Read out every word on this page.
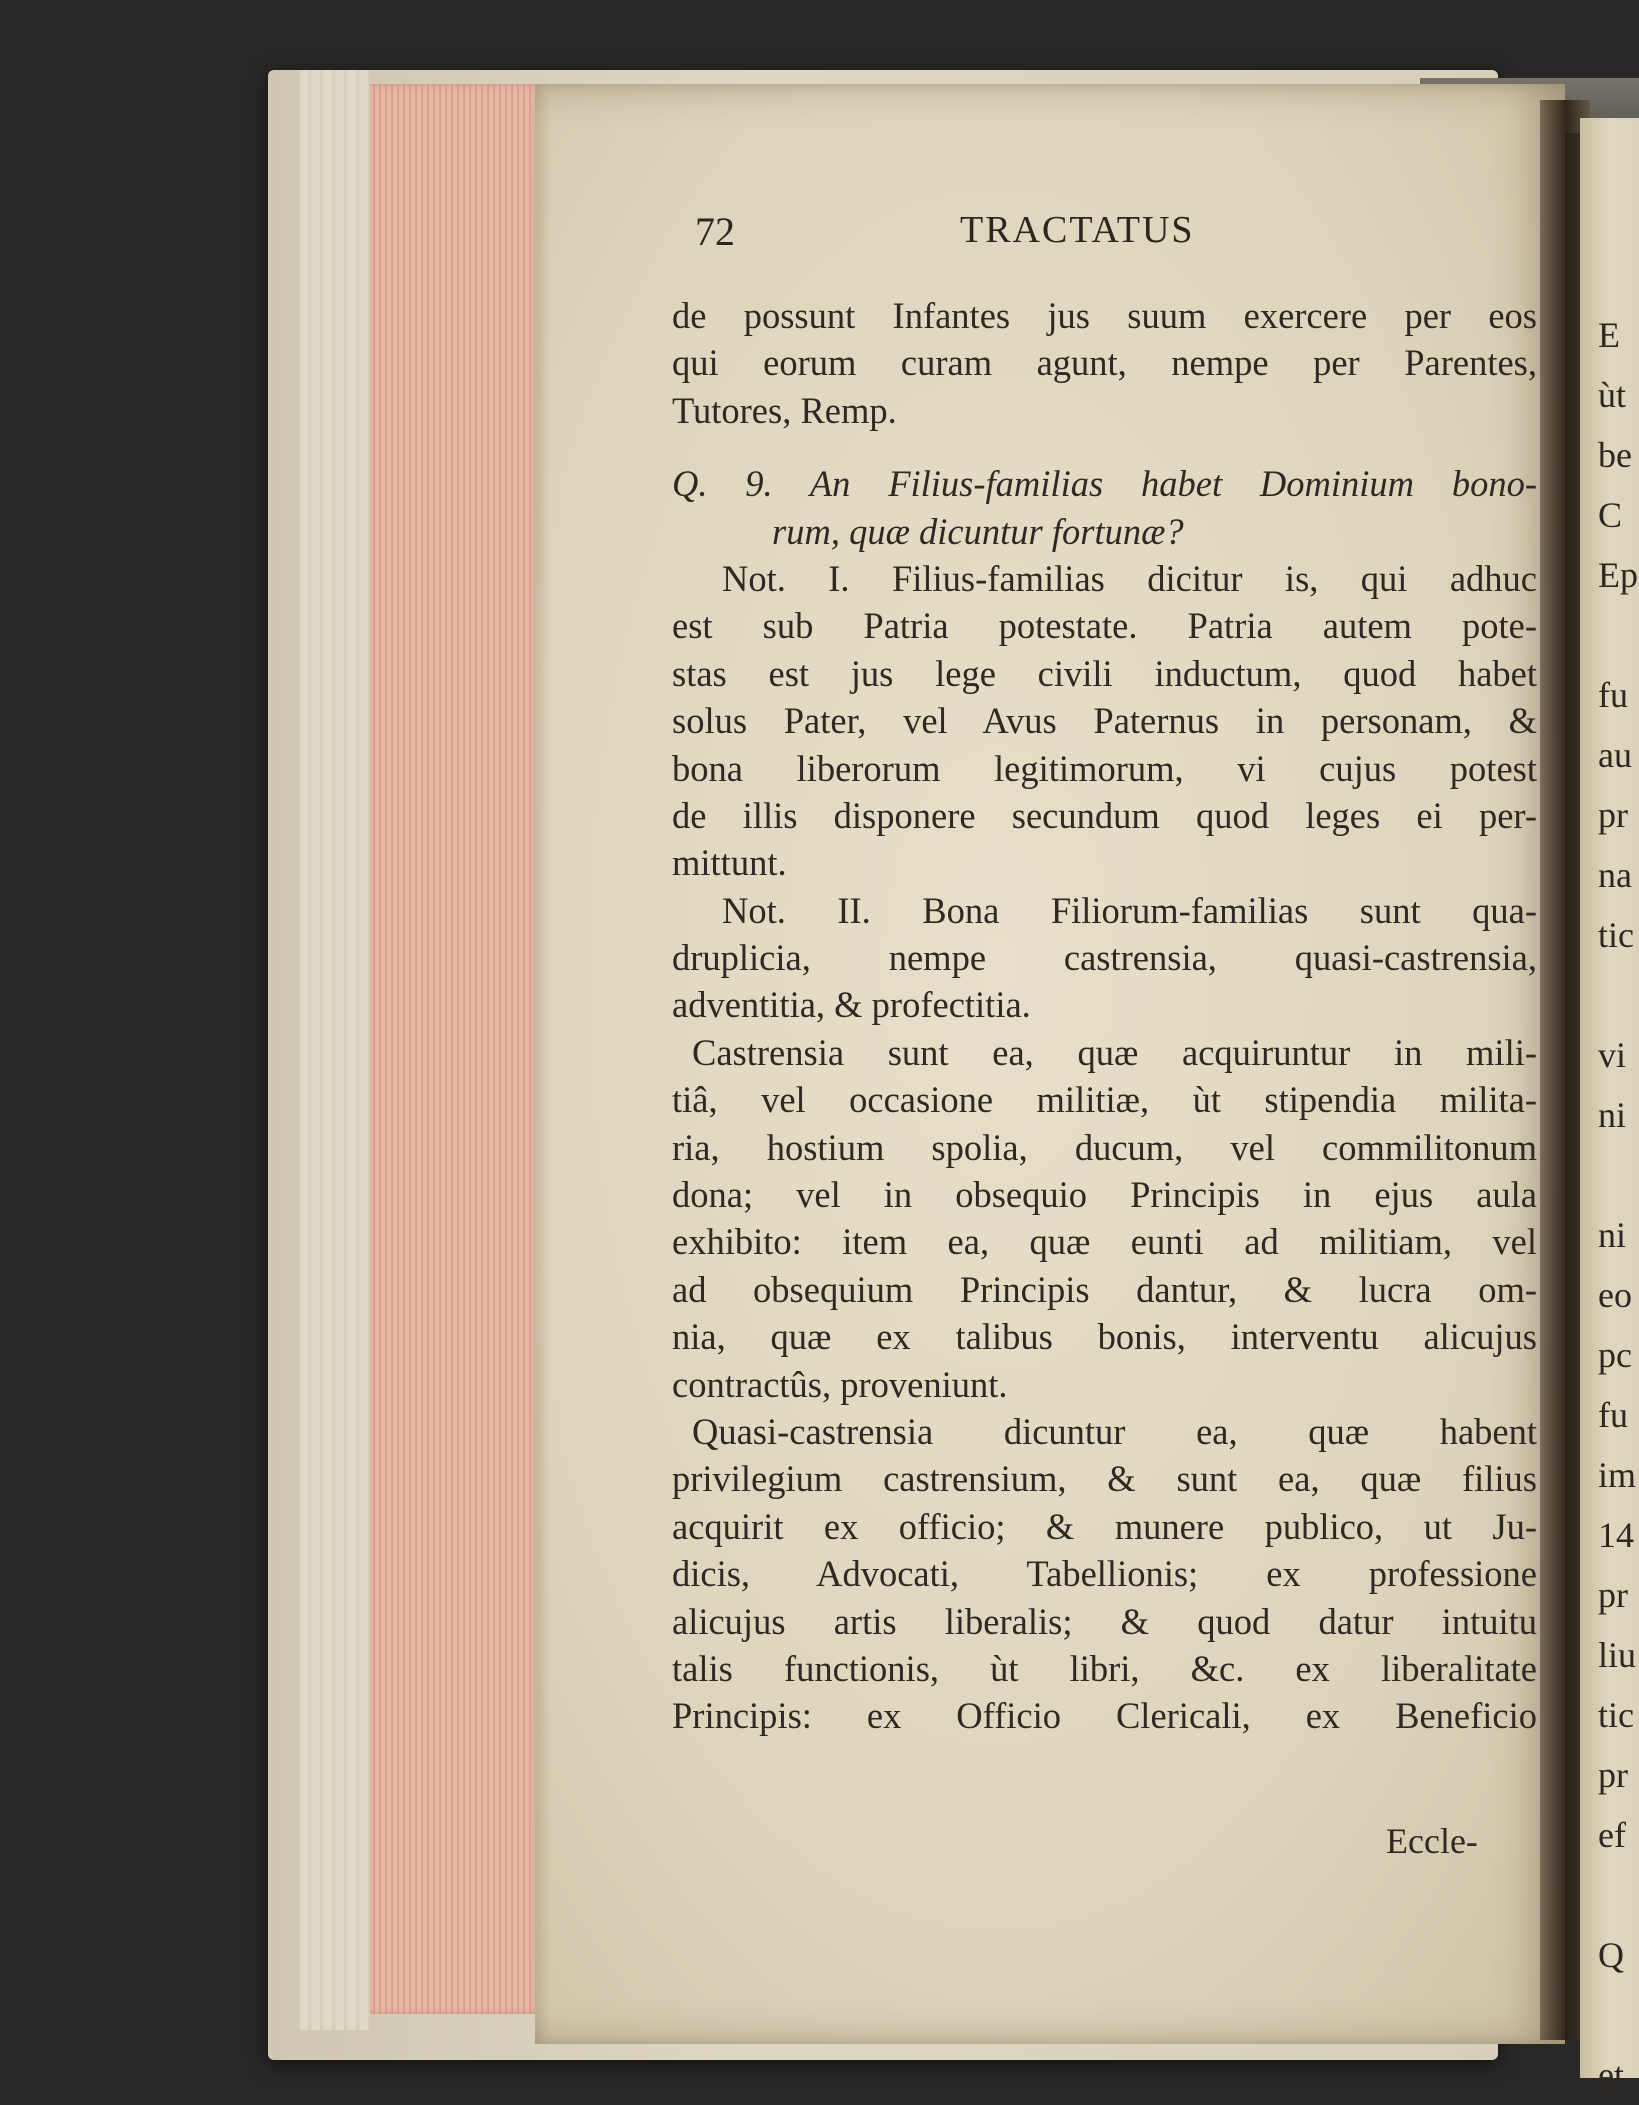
72	TRACTATUS
de possunt Infantes jus suum exercere per eos
qui eorum curam agunt, nempe per Parentes,
Tutores, Remp.
Q. 9. An Filius-familias habet Dominium bono-
rum, quæ dicuntur fortunæ?
Not. I. Filius-familias dicitur is, qui adhuc
est sub Patria potestate. Patria autem pote-
stas est jus lege civili inductum, quod habet
solus Pater, vel Avus Paternus in personam, &
bona liberorum legitimorum, vi cujus potest
de illis disponere secundum quod leges ei per-
mittunt.
Not. II. Bona Filiorum-familias sunt qua-
druplicia, nempe castrensia, quasi-castrensia,
adventitia, & profectitia.
Castrensia sunt ea, quæ acquiruntur in mili-
tiâ, vel occasione militiæ, ùt stipendia milita-
ria, hostium spolia, ducum, vel commilitonum
dona; vel in obsequio Principis in ejus aula
exhibito: item ea, quæ eunti ad militiam, vel
ad obsequium Principis dantur, & lucra om-
nia, quæ ex talibus bonis, interventu alicujus
contractûs, proveniunt.
Quasi-castrensia dicuntur ea, quæ habent
privilegium castrensium, & sunt ea, quæ filius
acquirit ex officio; & munere publico, ut Ju-
dicis, Advocati, Tabellionis; ex professione
alicujus artis liberalis; & quod datur intuitu
talis functionis, ùt libri, &c. ex liberalitate
Principis: ex Officio Clericali, ex Beneficio
Eccle-
E
ùt
be
C
Ep
fu
au
pr
na
tic
vi
ni
ni
eo
pc
fu
im
14
pr
liu
tic
pr
ef
Q
et
